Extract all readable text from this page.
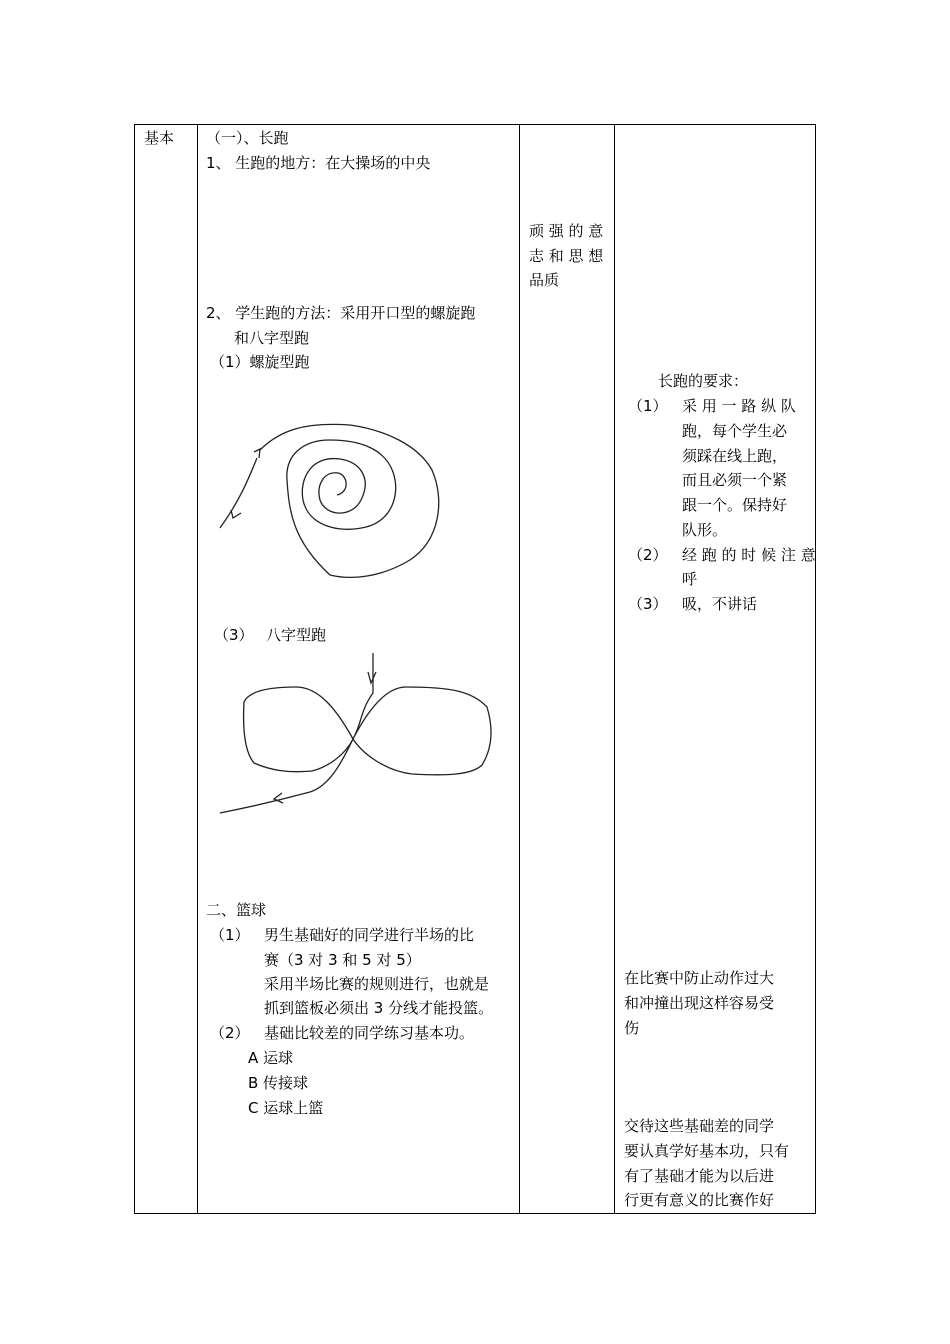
基本 （一）、长跑
1、 生跑的地方：在大操场的中央
2、 学生跑的方法：采用开口型的螺旋跑
和八字型跑
（1）螺旋型跑
（3） 八字型跑
二、篮球
（1） 男生基础好的同学进行半场的比
赛（3 对 3 和 5 对 5）
采用半场比赛的规则进行，也就是
抓到篮板必须出 3 分线才能投篮。
（2） 基础比较差的同学练习基本功。
A 运球
B 传接球
C 运球上篮
顽 强 的 意
志 和 思 想
品质
长跑的要求：
（1） 采 用 一 路 纵 队
跑，每个学生必
须踩在线上跑，
而且必须一个紧
跟一个。保持好
队形。
（2） 经 跑 的 时 候 注 意
呼
（3） 吸，不讲话
在比赛中防止动作过大
和冲撞出现这样容易受
伤
交待这些基础差的同学
要认真学好基本功，只有
有了基础才能为以后进
行更有意义的比赛作好
